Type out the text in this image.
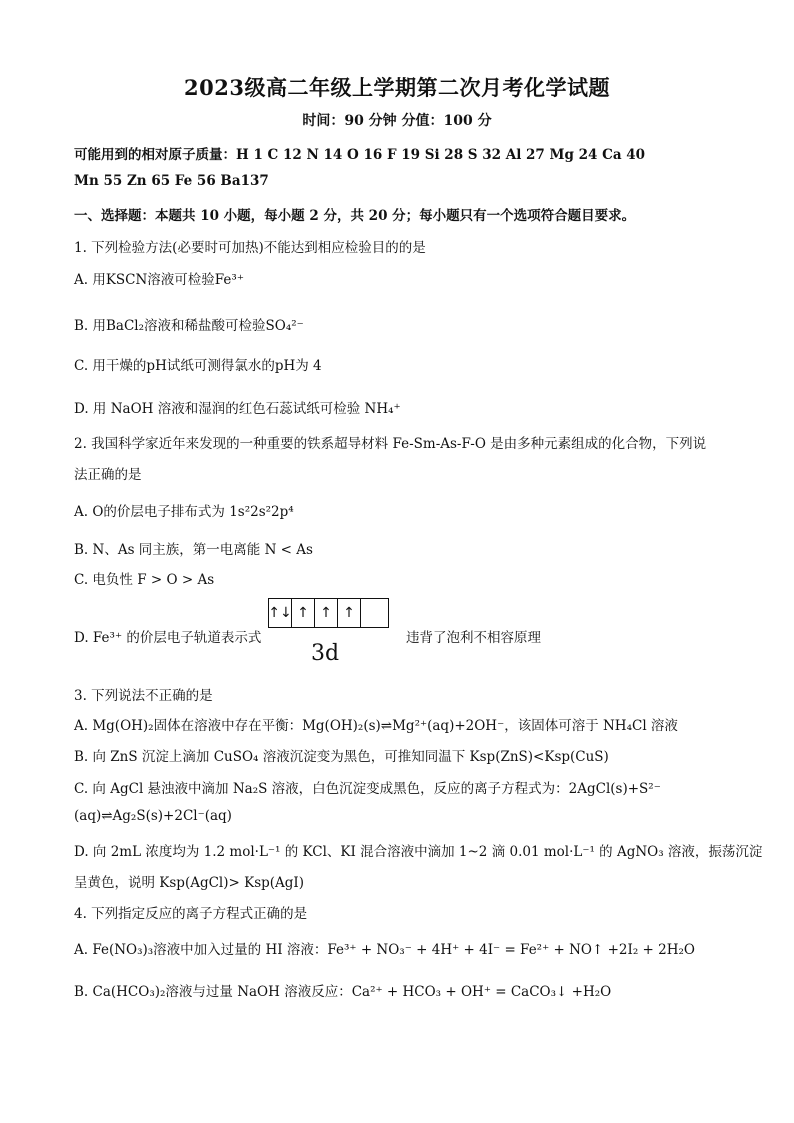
2023级高二年级上学期第二次月考化学试题
时间：90 分钟 分值：100 分
可能用到的相对原子质量：H 1 C 12 N 14 O 16 F 19 Si 28 S 32 Al 27 Mg 24 Ca 40
Mn 55 Zn 65 Fe 56 Ba137
一、选择题：本题共 10 小题，每小题 2 分，共 20 分；每小题只有一个选项符合题目要求。
1. 下列检验方法(必要时可加热)不能达到相应检验目的的是
A. 用KSCN溶液可检验Fe³⁺
B. 用BaCl₂溶液和稀盐酸可检验SO₄²⁻
C. 用干燥的pH试纸可测得氯水的pH为 4
D. 用 NaOH 溶液和湿润的红色石蕊试纸可检验 NH₄⁺
2. 我国科学家近年来发现的一种重要的铁系超导材料 Fe-Sm-As-F-O 是由多种元素组成的化合物，下列说
法正确的是
A. O的价层电子排布式为 1s²2s²2p⁴
B. N、As 同主族，第一电离能 N < As
C. 电负性 F > O > As
D. Fe³⁺ 的价层电子轨道表示式
↑↓ ↑ ↑ ↑
3d
违背了泡利不相容原理
3. 下列说法不正确的是
A. Mg(OH)₂固体在溶液中存在平衡：Mg(OH)₂(s)⇌Mg²⁺(aq)+2OH⁻，该固体可溶于 NH₄Cl 溶液
B. 向 ZnS 沉淀上滴加 CuSO₄ 溶液沉淀变为黑色，可推知同温下 Ksp(ZnS)<Ksp(CuS)
C. 向 AgCl 悬浊液中滴加 Na₂S 溶液，白色沉淀变成黑色，反应的离子方程式为：2AgCl(s)+S²⁻
(aq)⇌Ag₂S(s)+2Cl⁻(aq)
D. 向 2mL 浓度均为 1.2 mol·L⁻¹ 的 KCl、KI 混合溶液中滴加 1~2 滴 0.01 mol·L⁻¹ 的 AgNO₃ 溶液，振荡沉淀
呈黄色，说明 Ksp(AgCl)> Ksp(AgI)
4. 下列指定反应的离子方程式正确的是
A. Fe(NO₃)₃溶液中加入过量的 HI 溶液：Fe³⁺ + NO₃⁻ + 4H⁺ + 4I⁻ = Fe²⁺ + NO↑ +2I₂ + 2H₂O
B. Ca(HCO₃)₂溶液与过量 NaOH 溶液反应：Ca²⁺ + HCO₃ + OH⁺ = CaCO₃↓ +H₂O
